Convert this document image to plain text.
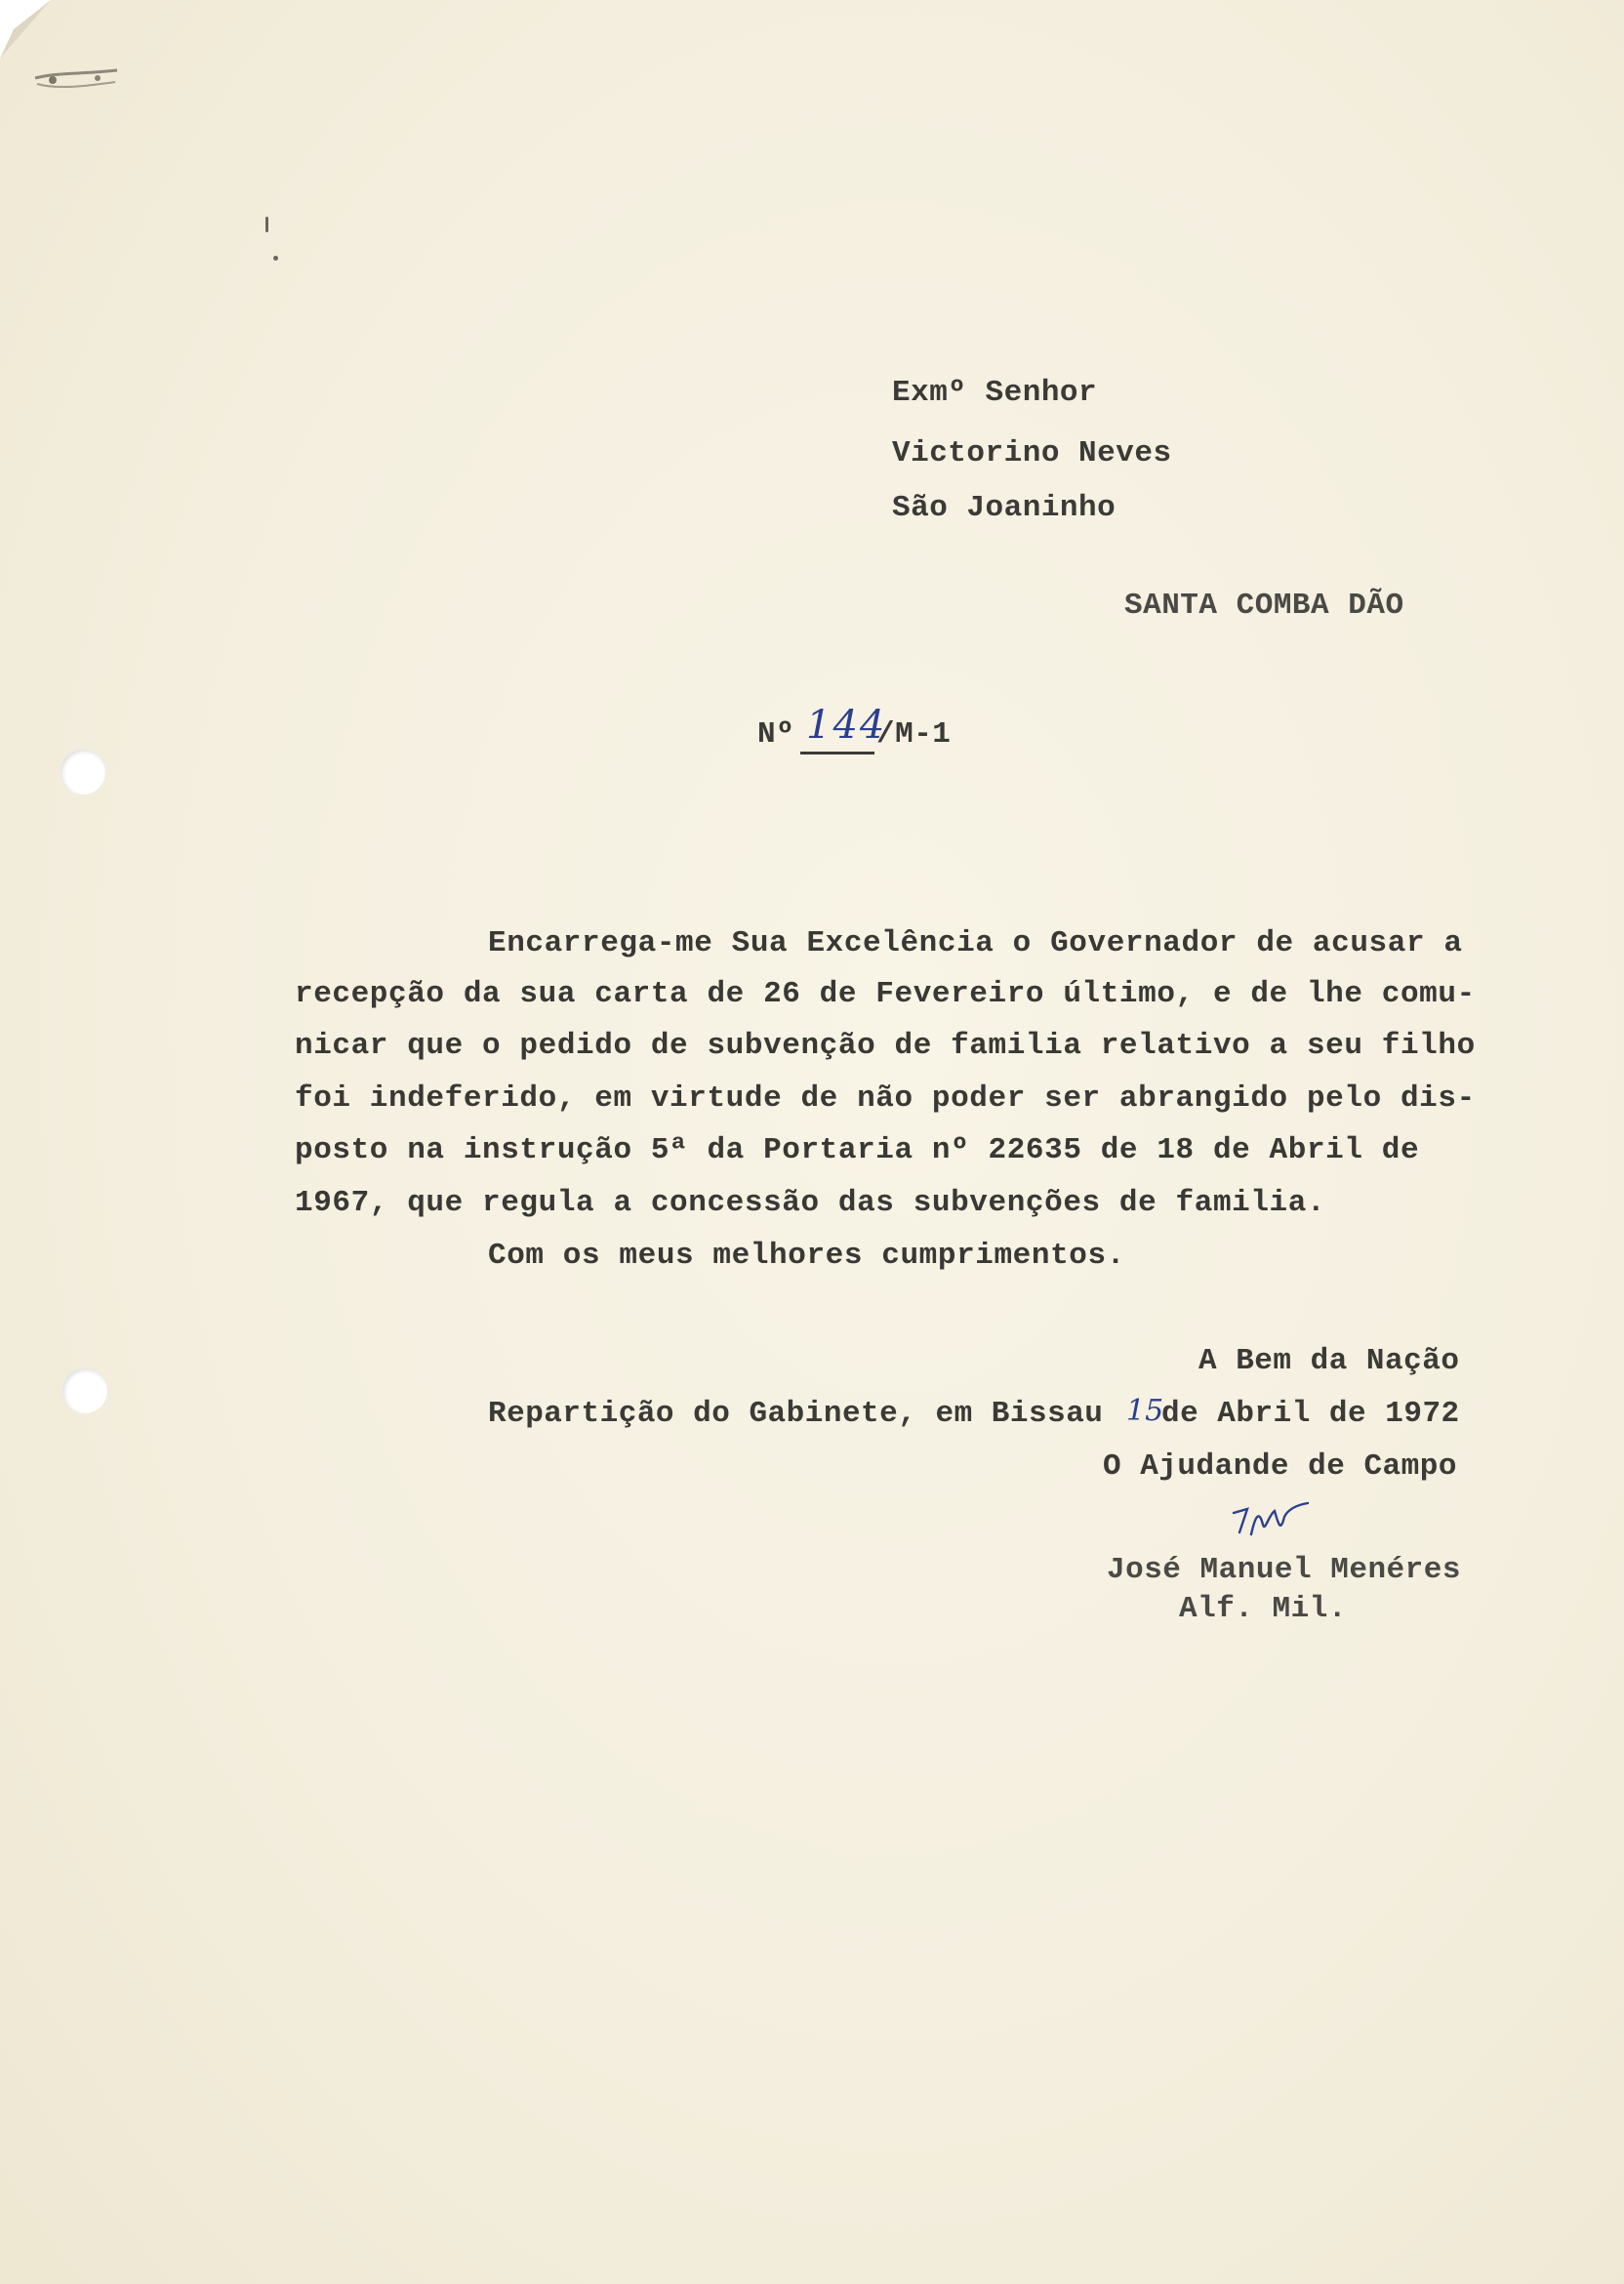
Exmº Senhor

Victorino Neves

São Joaninho

SANTA COMBA DÃO

Nº 144
/M-1

Encarrega-me Sua Excelência o Governador de acusar a

recepção da sua carta de 26 de Fevereiro último, e de lhe comu-

nicar que o pedido de subvenção de familia relativo a seu filho

foi indeferido, em virtude de não poder ser abrangido pelo dis-

posto na instrução 5ª da Portaria nº 22635 de 18 de Abril de

1967, que regula a concessão das subvenções de familia.

Com os meus melhores cumprimentos.

A Bem da Nação

Repartição do Gabinete, em Bissau 15
de Abril de 1972

O Ajudande de Campo

José Manuel Menéres

Alf. Mil.
